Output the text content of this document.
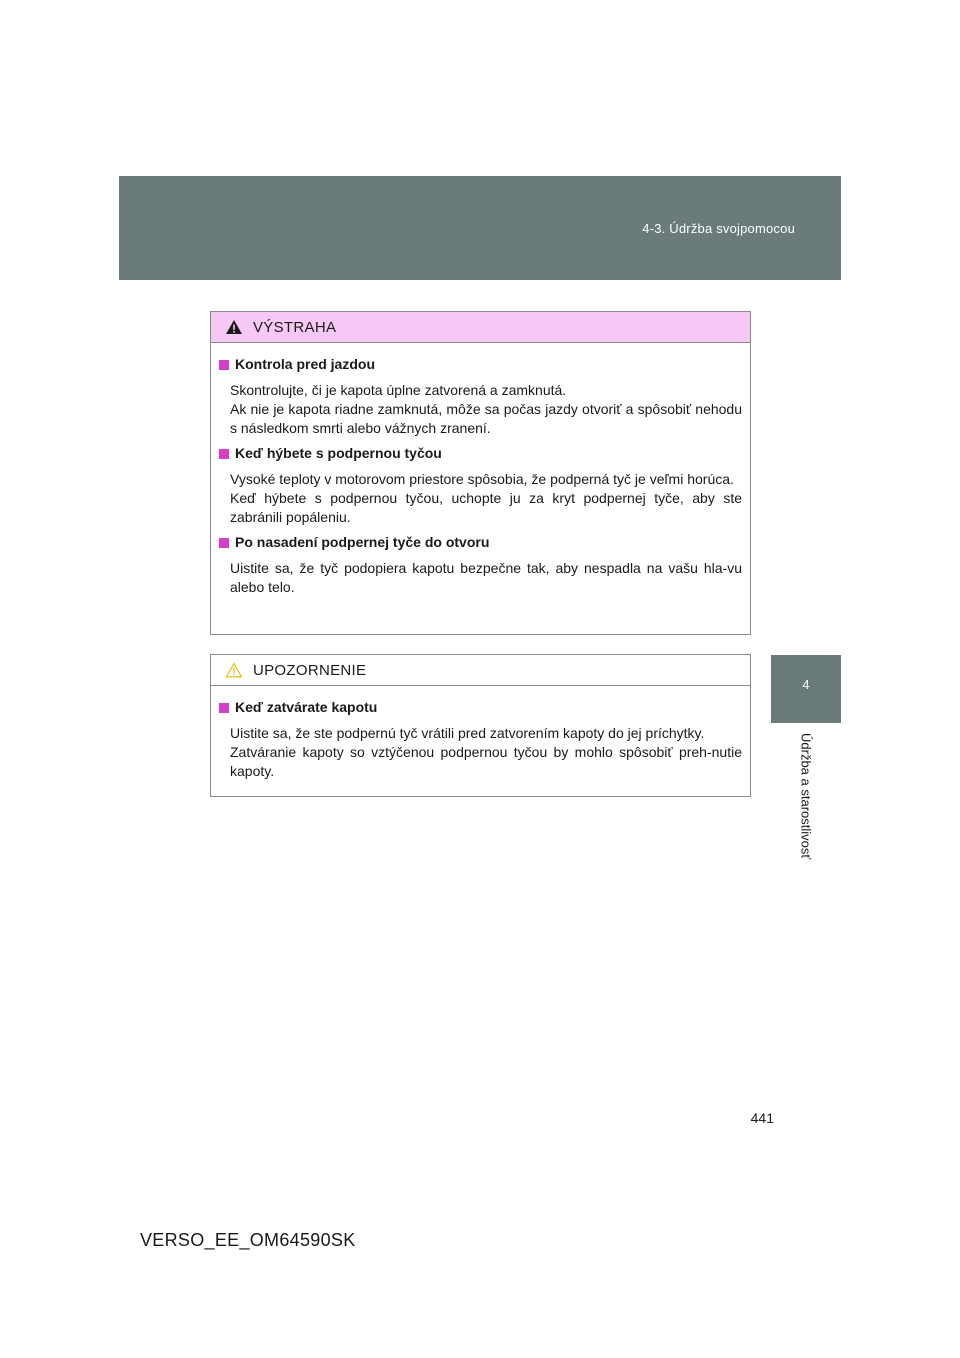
4-3. Údržba svojpomocou
4
Údržba a starostlivosť
VÝSTRAHA
Kontrola pred jazdou
Skontrolujte, či je kapota úplne zatvorená a zamknutá.
Ak nie je kapota riadne zamknutá, môže sa počas jazdy otvoriť a spôsobiť nehodu s následkom smrti alebo vážnych zranení.
Keď hýbete s podpernou tyčou
Vysoké teploty v motorovom priestore spôsobia, že podperná tyč je veľmi horúca.
Keď hýbete s podpernou tyčou, uchopte ju za kryt podpernej tyče, aby ste zabránili popáleniu.
Po nasadení podpernej tyče do otvoru
Uistite sa, že tyč podopiera kapotu bezpečne tak, aby nespadla na vašu hla-vu alebo telo.
UPOZORNENIE
Keď zatvárate kapotu
Uistite sa, že ste podpernú tyč vrátili pred zatvorením kapoty do jej príchytky.
Zatváranie kapoty so vztýčenou podpernou tyčou by mohlo spôsobiť preh-nutie kapoty.
441
VERSO_EE_OM64590SK
